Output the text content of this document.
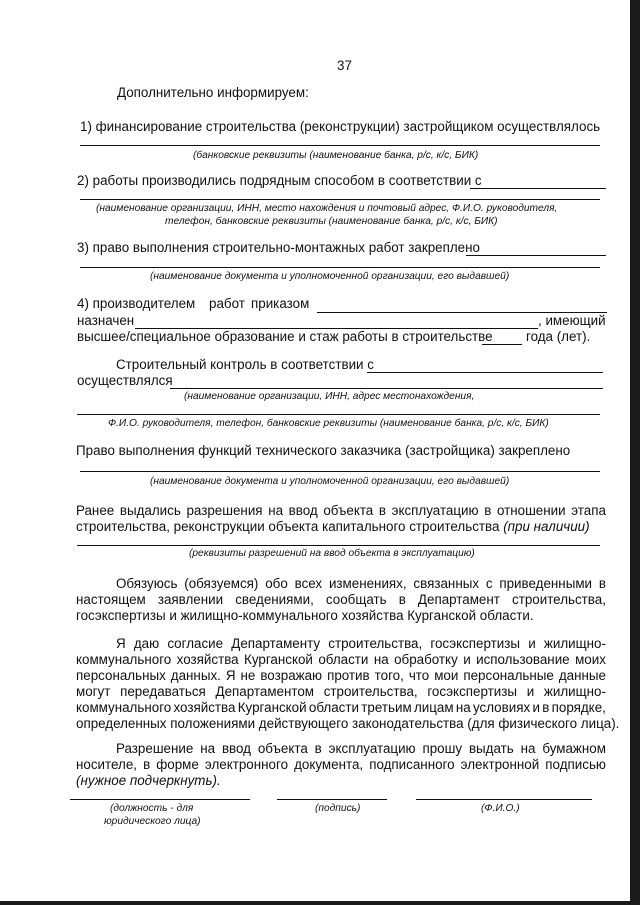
37
Дополнительно информируем:
1) финансирование строительства (реконструкции) застройщиком осуществлялось
(банковские реквизиты (наименование банка, р/с, к/с, БИК)
2) работы производились подрядным способом в соответствии с
(наименование организации, ИНН, место нахождения и почтовый адрес, Ф.И.О. руководителя,
телефон, банковские реквизиты (наименование банка, р/с, к/с, БИК)
3) право выполнения строительно-монтажных работ закреплено
(наименование документа и уполномоченной организации, его выдавшей)
4) производителем работ приказом
назначен	, имеющий
высшее/специальное образование и стаж работы в строительстве года (лет).
Строительный контроль в соответствии с
осуществлялся
(наименование организации, ИНН, адрес местонахождения,
Ф.И.О. руководителя, телефон, банковские реквизиты (наименование банка, р/с, к/с, БИК)
Право выполнения функций технического заказчика (застройщика) закреплено
(наименование документа и уполномоченной организации, его выдавшей)
Ранее выдались разрешения на ввод объекта в эксплуатацию в отношении этапа
строительства, реконструкции объекта капитального строительства (при наличии)
(реквизиты разрешений на ввод объекта в эксплуатацию)
Обязуюсь (обязуемся) обо всех изменениях, связанных с приведенными в
настоящем заявлении сведениями, сообщать в Департамент строительства,
госэкспертизы и жилищно-коммунального хозяйства Курганской области.
Я даю согласие Департаменту строительства, госэкспертизы и жилищно-
коммунального хозяйства Курганской области на обработку и использование моих
персональных данных. Я не возражаю против того, что мои персональные данные
могут передаваться Департаментом строительства, госэкспертизы и жилищно-
коммунального хозяйства Курганской области третьим лицам на условиях и в порядке,
определенных положениями действующего законодательства (для физического лица).
Разрешение на ввод объекта в эксплуатацию прошу выдать на бумажном
носителе, в форме электронного документа, подписанного электронной подписью
(нужное подчеркнуть).
(должность - для
юридического лица)
(подпись)	(Ф.И.О.)
